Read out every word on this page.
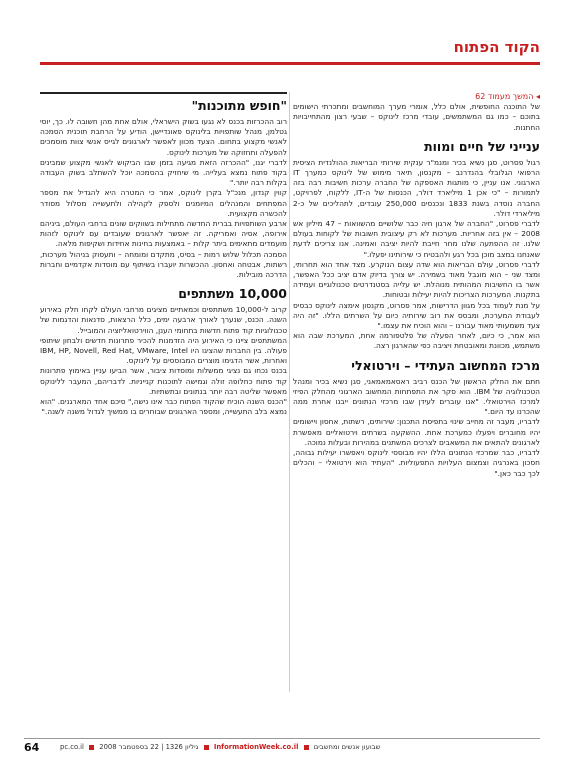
הקוד הפתוח

◂ המשך מעמוד 62

של התוכנה החופשית, אולם כלל, אומרי מערך המוחשבים ומתכרתי הישומים בתוכם – כמו גם המשתמשים, עובדי מרכז לינוקס – שבעי רצון מהתחייבויות החתנות.

ענייני של חיים ומוות

רגול פסרוט, סגן נשיא בכיר ומנמ"ר ענקית שירותי הבריאות ההולנדית הציסית הרפואי הגלובלי בהנדרנב – מקנסון, תיאר מימוש של לינוקס כמערך IT הארגוני. אנו עניין, כי מותגות האספקה של החברה ערכות חשיבות רבה בזה לתמורות – "כי אכן 1 מיליארד דולר, הכנסות של ה-IT, ללקוח, לפרויקט, החברה נוסדה בשנת 1833 ונכנסים 250,000 עובדים, לתהליכים של כ-2 מיליארדי דולר.

לדברי פסרוט, "החברה של ארגון חיה כבר שלושיים מהשוואות – 47 מיליון אש 2008 – אין בזה אחריות. מערכות לא רק עיצובית חשובות של לקוחות בעולם שלנו. זה ההפתעה שלנו מחר חייבת להיות יציבה ואמינה. אנו צריכים לדעת שאנחנו במצב מוכן בכל רגע ולהבטיח כי שירותינו יפעלו."

לדברי פסרוט, עולם הבריאות הוא שדה עצום הנוקרע. מצד אחד הוא תחרותי, ומצד שני – הוא מוגבל מאוד בשמירה. יש צורך בדיוק אדם יציב ככל האפשר, אשר בו החשיבות המהותית מנוהלת. יש עלייה בסטנדרטים טכנולוגיים ועמידה בתקנות. המערכות הצריכות להיות יעילות ובטוחות.

על מנת לעמוד בכל מגוון הדרישות, אמר פסרוט, מקנסון אימצה לינוקס כבסיס לעבודת המערכת, ומבסס את רוב שירותיה כיום על השרתים הללו. "זה היה צעד משמעותי מאוד עבורנו – והוא הוכיח את עצמו."

הוא אמר, כי כיום, לאחר הפעלה של פלטפורמה אחת, המערכת שבה הוא משתמש, מכוונת ומאובטחת ויציבה כפי שהארגון רצה.

מרכז המחשוב העתידי – וירטואלי

חתם את החלק הראשון של הכנס רביב ראסאמאמאני, סגן נשיא בכיר ומנהל הטכנולוגיה של IBM. הוא סקר את התפתחות המחשוב הארגוני מהחלק הפיזי למרכז הוירטואלי. "אנו עוברים לעידן שבו מרכזי הנתונים ייבנו אחרת ממה שהכרנו עד היום."

לדבריו, מעבר זה מחייב שינוי בתפיסת התכנון: שירותים, רשתות, אחסון ויישומים יהיו מחוברים ויפעלו כמערכת אחת. ההשקעה בשרתים וירטואליים מאפשרת לארגונים להתאים את המשאבים לצרכים המשתנים במהירות ובעלות נמוכה.

לדבריו, כבר שמרכזי הנתונים הללו יהיו מבוססי לינוקס ויאפשרו יעילות גבוהה, חסכון באנרגיה וצמצום העלויות התפעוליות. "העתיד הוא וירטואלי – והכלים לכך כבר כאן."

"חופש מתוכנות"

רוב ההכרזות בכנס לא נגעו בשוק הישראלי, אולם אחת מהן חשובה לו. כך, יוסי גטלמן, מנהל שותפויות בלינוקס פאונדיישן, הודיע על הרחבת תוכנית הסמכה לאנשי מקצוע בתחום. הצעד מכוון לאפשר לארגונים לגייס אנשי צוות מוסמכים להפעלה ותחזוקה של מערכות לינוקס.

לדברי יגנו, "ההכרזה הזאת מגיעה בזמן שבו הביקוש לאנשי מקצוע שמבינים בקוד פתוח נמצא בעלייה. מי שיחזיק בהסמכה יוכל להשתלב בשוק העבודה בקלות רבה יותר."

קווין קנדון, מנכ"ל בקרן לינוקס, אמר כי המטרה היא להגדיל את מספר המפתחים והמנהלים המיומנים ולספק לקהילה ולתעשייה מסלול מסודר להכשרה מקצועית.

ארבע השותפויות בברית החדשה מתחילות בשווקים שונים ברחבי העולם, ביניהם אירופה, אסיה ואמריקה. זה יאפשר לארגונים שעובדים עם לינוקס לזהות מועמדים מתאימים ביתר קלות – באמצעות בחינות אחידות ושקיפות מלאה.

הסמכה תכלול שלוש רמות – בסיס, מתקדם ומומחה – ותעסוק בניהול מערכות, רשתות, אבטחה ואחסון. ההכשרות יועברו בשיתוף עם מוסדות אקדמיים וחברות הדרכה מובילות.

10,000 משתתפים

קרוב ל-10,000 משתתפים וכמאתיים מציגים מרחבי העולם לקחו חלק באירוע השנה. הכנס, שנערך לאורך ארבעה ימים, כלל הרצאות, סדנאות והדגמות של טכנולוגיות קוד פתוח חדשות בתחומי הענן, הווירטואליזציה והמובייל.

המשתתפים ציינו כי האירוע היה הזדמנות להכיר פתרונות חדשים ולבחון שיתופי פעולה. בין החברות שהציגו היו IBM, HP, Novell, Red Hat, VMware, Intel ואחרות, אשר הדגימו מוצרים המבוססים על לינוקס.

בכנס נכחו גם נציגי ממשלות ומוסדות ציבור, אשר הביעו עניין באימוץ פתרונות קוד פתוח כחלופה זולה וגמישה לתוכנות קנייניות. לדבריהם, המעבר ללינוקס מאפשר שליטה רבה יותר בנתונים ובתשתיות.

"הכנס השנה הוכיח שהקוד הפתוח כבר אינו נישה," סיכם אחד המארגנים. "הוא נמצא בלב התעשייה, ומספר הארגונים שבוחרים בו ממשיך לגדול משנה לשנה."

64	שבועון אנשים ומחשבים  InformationWeek.co.il  גיליון 1326 | 22 בספטמבר 2008  pc.co.il
